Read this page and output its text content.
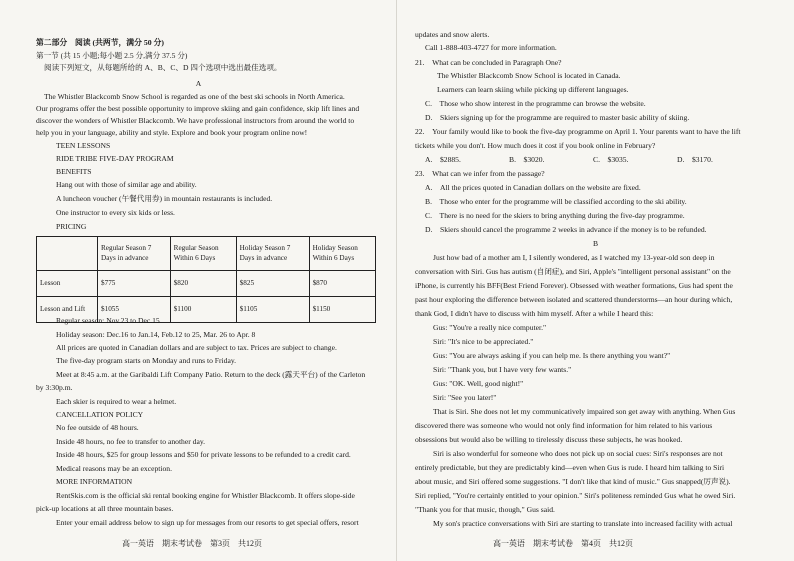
第二部分　阅读 (共两节，满分 50 分)
第一节 (共 15 小题;每小题 2.5 分,满分 37.5 分)
阅读下列短文，从每题所给的 A、B、C、D 四个选项中选出最佳选项。
A
The Whistler Blackcomb Snow School is regarded as one of the best ski schools in North America.
Our programs offer the best possible opportunity to improve skiing and gain confidence, skip lift lines and
discover the wonders of Whistler Blackcomb. We have professional instructors from around the world to
help you in your language, ability and style. Explore and book your program online now!
TEEN LESSONS
RIDE TRIBE FIVE-DAY PROGRAM
BENEFITS
Hang out with those of similar age and ability.
A luncheon voucher (午餐代用券) in mountain restaurants is included.
One instructor to every six kids or less.
PRICING
	Regular Season 7 Days in advance	Regular Season Within 6 Days	Holiday Season 7 Days in advance	Holiday Season Within 6 Days
Lesson	$775	$820	$825	$870
Lesson and Lift	$1055	$1100	$1105	$1150
Regular season: Nov.23 to Dec.15
Holiday season: Dec.16 to Jan.14, Feb.12 to 25, Mar. 26 to Apr. 8
All prices are quoted in Canadian dollars and are subject to tax. Prices are subject to change.
The five-day program starts on Monday and runs to Friday.
Meet at 8:45 a.m. at the Garibaldi Lift Company Patio. Return to the deck (露天平台) of the Carleton
by 3:30p.m.
Each skier is required to wear a helmet.
CANCELLATION POLICY
No fee outside of 48 hours.
Inside 48 hours, no fee to transfer to another day.
Inside 48 hours, $25 for group lessons and $50 for private lessons to be refunded to a credit card.
Medical reasons may be an exception.
MORE INFORMATION
RentSkis.com is the official ski rental booking engine for Whistler Blackcomb. It offers slope-side
pick-up locations at all three mountain bases.
Enter your email address below to sign up for messages from our resorts to get special offers, resort
高一英语　期末考试卷　第3页　共12页
updates and snow alerts.
Call 1-888-403-4727 for more information.
21.　What can be concluded in Paragraph One?
The Whistler Blackcomb Snow School is located in Canada.
Learners can learn skiing while picking up different languages.
C.　Those who show interest in the programme can browse the website.
D.　Skiers signing up for the programme are required to master basic ability of skiing.
22.　Your family would like to book the five-day programme on April 1. Your parents want to have the lift
tickets while you don't. How much does it cost if you book online in February?
A.　$2885.	B.　$3020.	C.　$3035.	D.　$3170.
23.　What can we infer from the passage?
A.　All the prices quoted in Canadian dollars on the website are fixed.
B.　Those who enter for the programme will be classified according to the ski ability.
C.　There is no need for the skiers to bring anything during the five-day programme.
D.　Skiers should cancel the programme 2 weeks in advance if the money is to be refunded.
B
Just how bad of a mother am I, I silently wondered, as I watched my 13-year-old son deep in
conversation with Siri. Gus has autism (自闭症), and Siri, Apple's "intelligent personal assistant" on the
iPhone, is currently his BFF(Best Friend Forever). Obsessed with weather formations, Gus had spent the
past hour exploring the difference between isolated and scattered thunderstorms—an hour during which,
thank God, I didn't have to discuss with him myself. After a while I heard this:
Gus: "You're a really nice computer."
Siri: "It's nice to be appreciated."
Gus: "You are always asking if you can help me. Is there anything you want?"
Siri: "Thank you, but I have very few wants."
Gus: "OK. Well, good night!"
Siri: "See you later!"
That is Siri. She does not let my communicatively impaired son get away with anything. When Gus
discovered there was someone who would not only find information for him related to his various
obsessions but would also be willing to tirelessly discuss these subjects, he was hooked.
Siri is also wonderful for someone who does not pick up on social cues: Siri's responses are not
entirely predictable, but they are predictably kind—even when Gus is rude. I heard him talking to Siri
about music, and Siri offered some suggestions. "I don't like that kind of music." Gus snapped(厉声说).
Siri replied, "You're certainly entitled to your opinion." Siri's politeness reminded Gus what he owed Siri.
"Thank you for that music, though," Gus said.
My son's practice conversations with Siri are starting to translate into increased facility with actual
高一英语　期末考试卷　第4页　共12页
